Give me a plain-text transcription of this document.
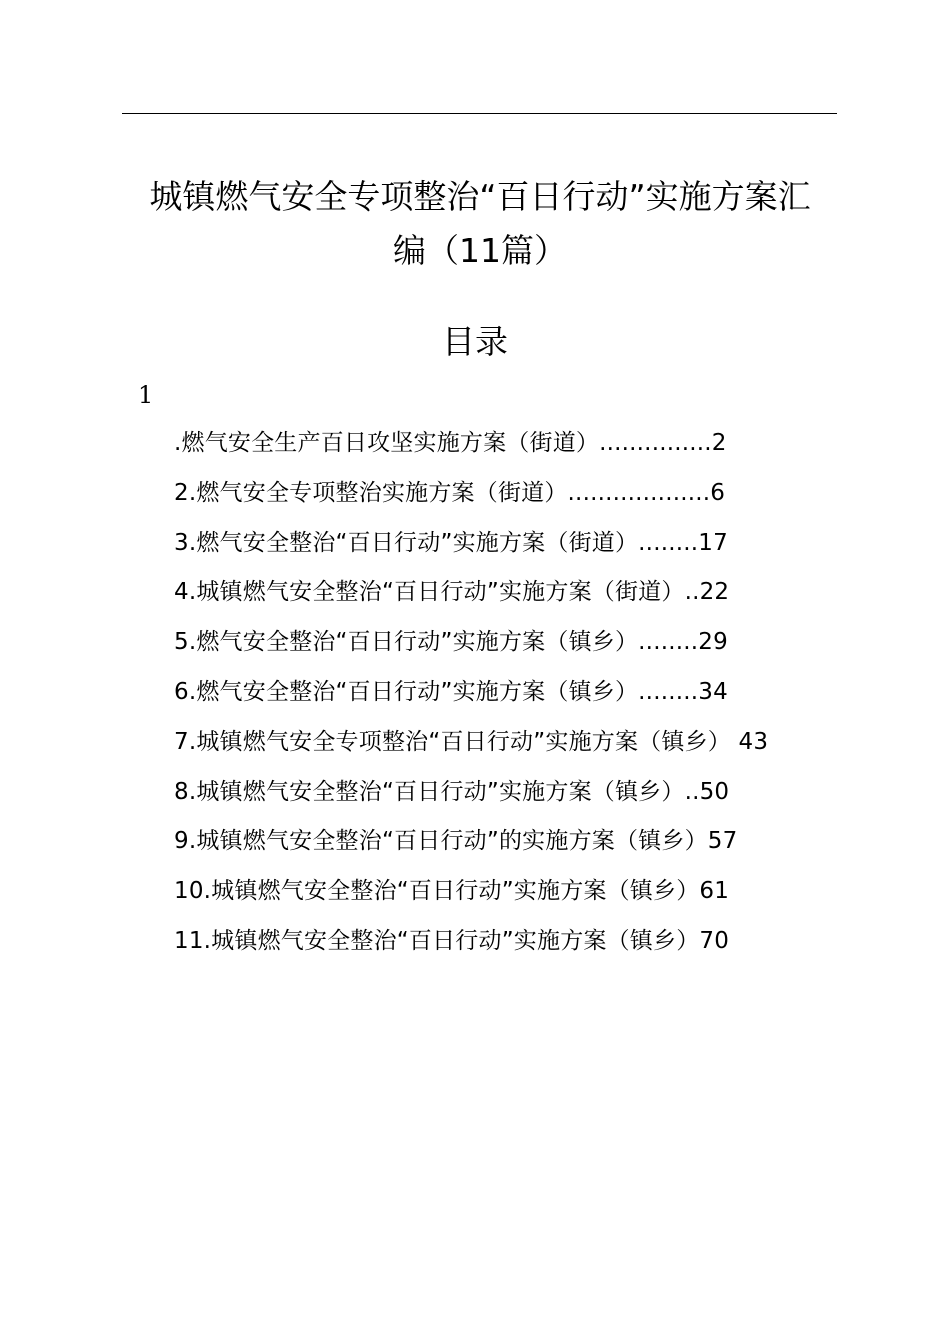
城镇燃气安全专项整治“百日行动”实施方案汇
编（11篇）
目录
1
.燃气安全生产百日攻坚实施方案（街道）...............2
2.燃气安全专项整治实施方案（街道）...................6
3.燃气安全整治“百日行动”实施方案（街道）........17
4.城镇燃气安全整治“百日行动”实施方案（街道）..22
5.燃气安全整治“百日行动”实施方案（镇乡）........29
6.燃气安全整治“百日行动”实施方案（镇乡）........34
7.城镇燃气安全专项整治“百日行动”实施方案（镇乡） 43
8.城镇燃气安全整治“百日行动”实施方案（镇乡）..50
9.城镇燃气安全整治“百日行动”的实施方案（镇乡）57
10.城镇燃气安全整治“百日行动”实施方案（镇乡）61
11.城镇燃气安全整治“百日行动”实施方案（镇乡）70
